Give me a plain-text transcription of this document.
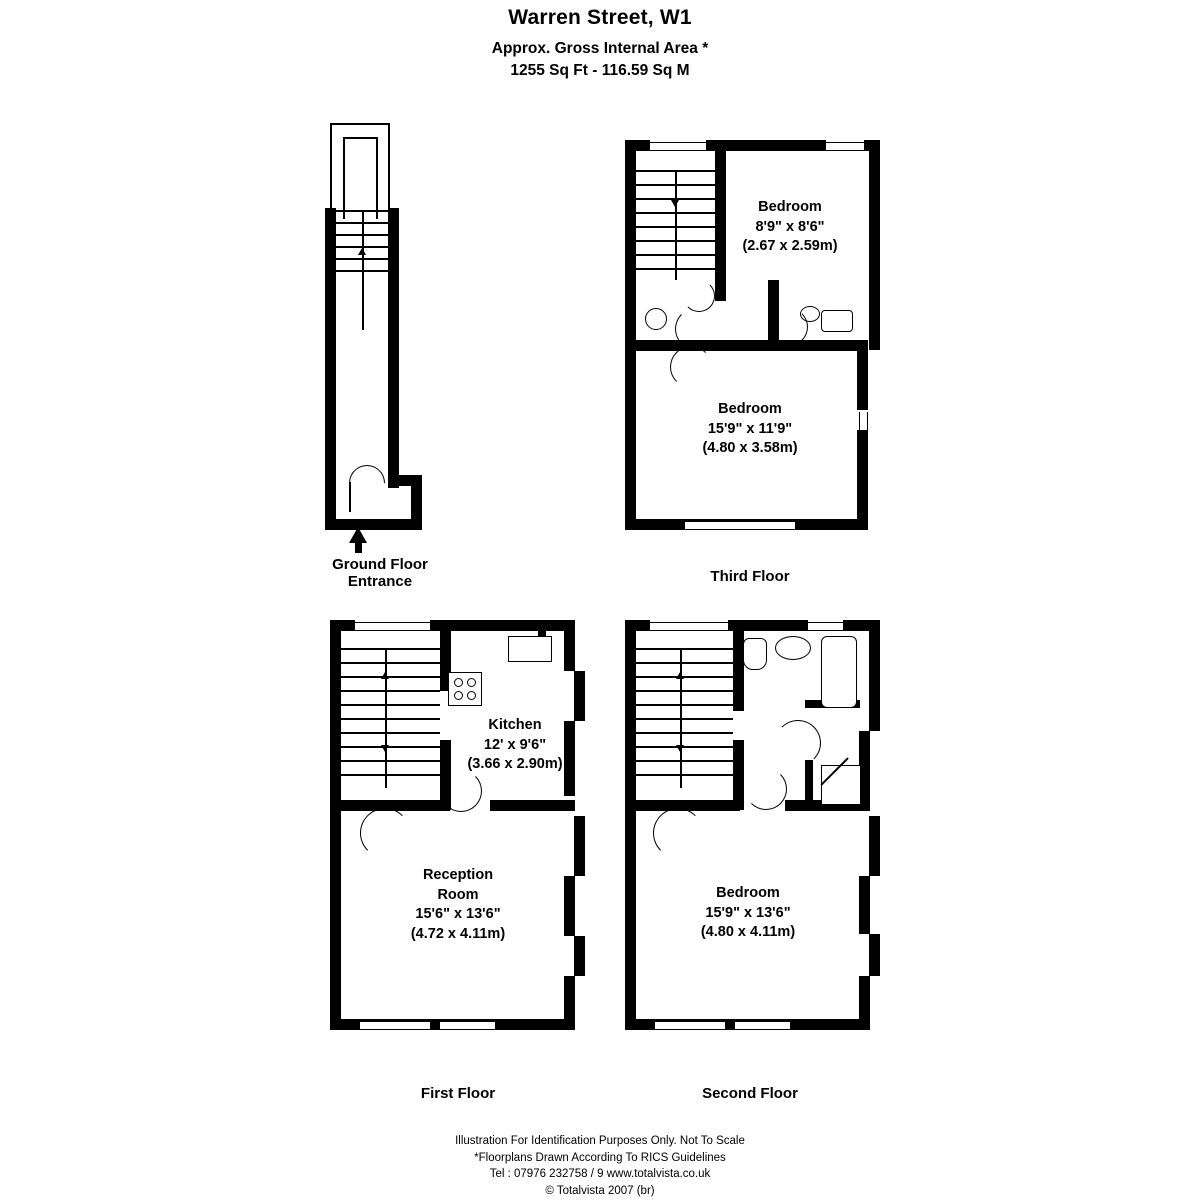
Warren Street, W1
Approx. Gross Internal Area *
1255 Sq Ft - 116.59 Sq M
Ground Floor
Entrance
Bedroom
8'9" x 8'6"
(2.67 x 2.59m)
Bedroom
15'9" x 11'9"
(4.80 x 3.58m)
Third Floor
Kitchen
12' x 9'6"
(3.66 x 2.90m)
Reception
Room
15'6" x 13'6"
(4.72 x 4.11m)
First Floor
Bedroom
15'9" x 13'6"
(4.80 x 4.11m)
Second Floor
Illustration For Identification Purposes Only. Not To Scale
*Floorplans Drawn According To RICS Guidelines
Tel : 07976 232758 / 9 www.totalvista.co.uk
© Totalvista 2007 (br)
